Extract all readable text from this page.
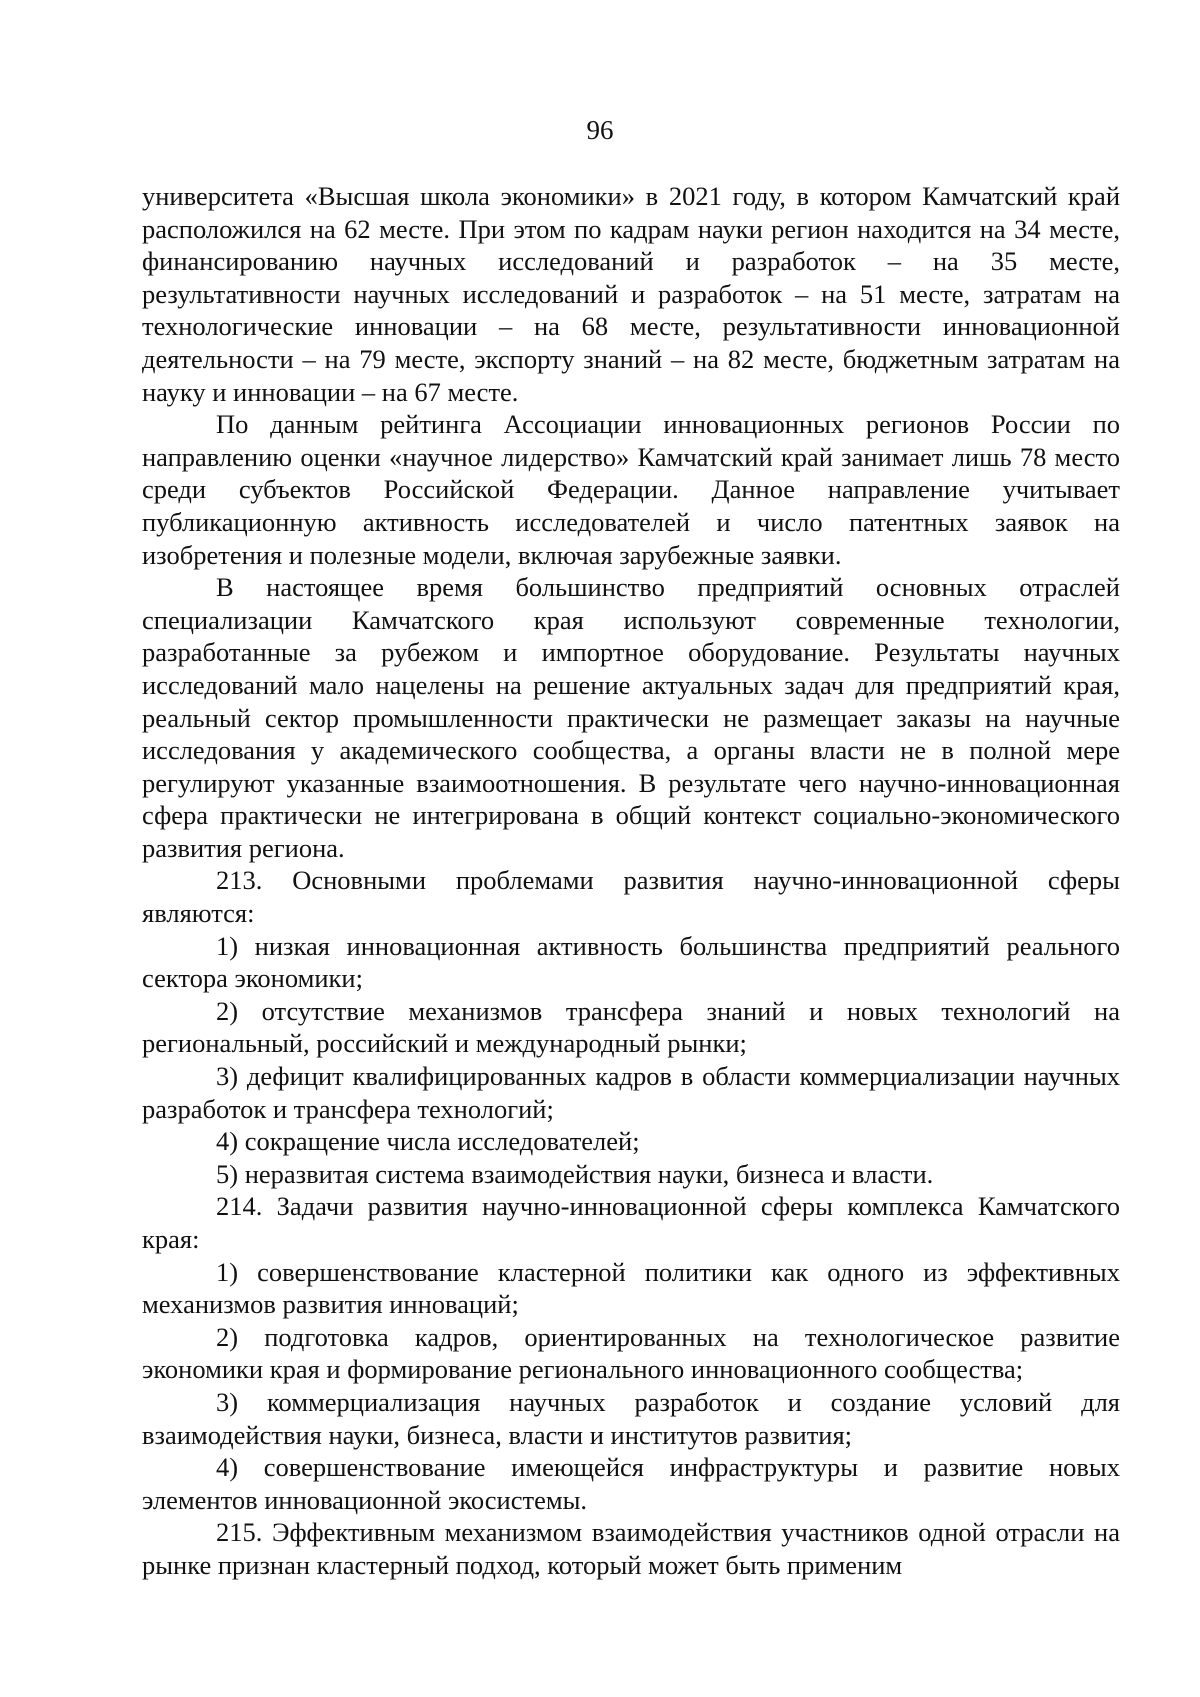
96

университета «Высшая школа экономики» в 2021 году, в котором Камчатский край расположился на 62 месте. При этом по кадрам науки регион находится на 34 месте, финансированию научных исследований и разработок – на 35 месте, результативности научных исследований и разработок – на 51 месте, затратам на технологические инновации – на 68 месте, результативности инновационной деятельности – на 79 месте, экспорту знаний – на 82 месте, бюджетным затратам на науку и инновации – на 67 месте.

По данным рейтинга Ассоциации инновационных регионов России по направлению оценки «научное лидерство» Камчатский край занимает лишь 78 место среди субъектов Российской Федерации. Данное направление учитывает публикационную активность исследователей и число патентных заявок на изобретения и полезные модели, включая зарубежные заявки.

В настоящее время большинство предприятий основных отраслей специализации Камчатского края используют современные технологии, разработанные за рубежом и импортное оборудование. Результаты научных исследований мало нацелены на решение актуальных задач для предприятий края, реальный сектор промышленности практически не размещает заказы на научные исследования у академического сообщества, а органы власти не в полной мере регулируют указанные взаимоотношения. В результате чего научно-инновационная сфера практически не интегрирована в общий контекст социально-экономического развития региона.

213. Основными проблемами развития научно-инновационной сферы являются:

1) низкая инновационная активность большинства предприятий реального сектора экономики;

2) отсутствие механизмов трансфера знаний и новых технологий на региональный, российский и международный рынки;

3) дефицит квалифицированных кадров в области коммерциализации научных разработок и трансфера технологий;

4) сокращение числа исследователей;

5) неразвитая система взаимодействия науки, бизнеса и власти.

214. Задачи развития научно-инновационной сферы комплекса Камчатского края:

1) совершенствование кластерной политики как одного из эффективных механизмов развития инноваций;

2) подготовка кадров, ориентированных на технологическое развитие экономики края и формирование регионального инновационного сообщества;

3) коммерциализация научных разработок и создание условий для взаимодействия науки, бизнеса, власти и институтов развития;

4) совершенствование имеющейся инфраструктуры и развитие новых элементов инновационной экосистемы.

215. Эффективным механизмом взаимодействия участников одной отрасли на рынке признан кластерный подход, который может быть применим
